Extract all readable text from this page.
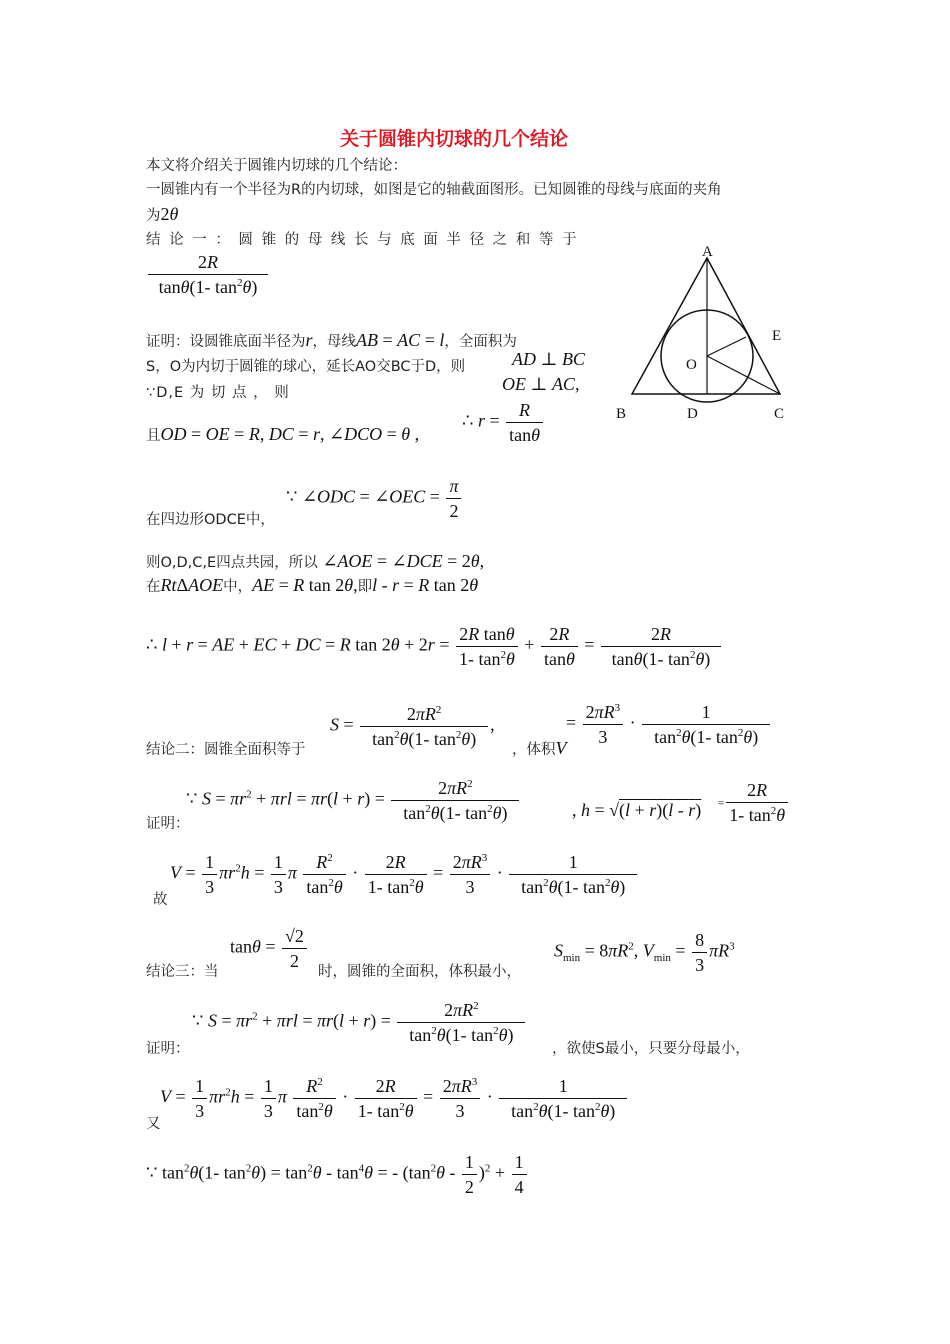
关于圆锥内切球的几个结论
本文将介绍关于圆锥内切球的几个结论：
一圆锥内有一个半径为R的内切球，如图是它的轴截面图形。已知圆锥的母线与底面的夹角
为2θ
结 论 一 ： 圆 锥 的 母 线 长 与 底 面 半 径 之 和 等 于
$\frac{2R}{\tan\theta(1- \tan^2\theta)}$	A
B	C
D
E
O
证明：设圆锥底面半径为r，母线AB = AC = l，全面积为
S，O为内切于圆锥的球心，延长AO交BC于D，则	AD ⊥ BC
∵D,E 为 切 点 ， 则	OE ⊥ AC,
且OD = OE = R, DC = r, ∠DCO = θ ,
∴ $r = \frac{R}{\tan\theta}$
∵ ∠ODC = ∠OEC = $\frac{\pi}{2}$
在四边形ODCE中，
则O,D,C,E四点共园，所以 ∠AOE = ∠DCE = 2θ,
在RtΔAOE中，AE = R tan 2θ,即l - r = R tan 2θ
∴ l + r = AE + EC + DC = R $\tan 2\theta + 2r = \frac{\text{2R tanθ}}{1- \tan^2\theta} + \frac{2R}{\tan\theta} = \frac{2R}{\tan\theta(1- \tan^2\theta)}$
$S = \frac{2\pi R^2}{\tan^2\theta(1- \tan^2\theta)}$ ,	= $\frac{2\pi R^3}{3} \cdot \frac{1}{\tan^2\theta(1- \tan^2\theta)}$
结论二：圆锥全面积等于	，体积V
∵ $S = \pi r^2 + \pi rl = \pi r(l + r) = \frac{2\pi R^2}{\tan^2\theta(1- \tan^2\theta)}$
证明：
, $h = √(l + r)(l - r) = \frac{2R}{1- \tan^2\theta}$
$V = \frac{1}{3} \pi r^2h = \frac{1}{3}$ π $\frac{R^2}{\tan^2\theta} \cdot \frac{2R}{1- \tan^2\theta} = \frac{2\pi R^3}{3} \cdot \frac{1}{\tan^2\theta(1- \tan^2\theta)}$
故
$\tan\theta = \frac{√2}{2}$
结论三：当	时，圆锥的全面积，体积最小，
$S_{min} = 8\pi R^2$, $V_{min} = \frac{8}{3} \pi R^3$
∵ $S = \pi r^2 + \pi rl = \pi r(l + r) = \frac{2\pi R^2}{\tan^2\theta(1- \tan^2\theta)}$
证明：	，欲使S最小，只要分母最小，
$V = \frac{1}{3} \pi r^2h = \frac{1}{3}$ π $\frac{R^2}{\tan^2\theta} \cdot \frac{2R}{1- \tan^2\theta} = \frac{2\pi R^3}{3} \cdot \frac{1}{\tan^2\theta(1- \tan^2\theta)}$
又
∵ $\tan^2\theta(1-$ $\tan^2\theta) = \tan^2\theta - \tan^4\theta$ = - $(\tan^2\theta - \frac{1}{2} )^2 + \frac{1}{4}$
